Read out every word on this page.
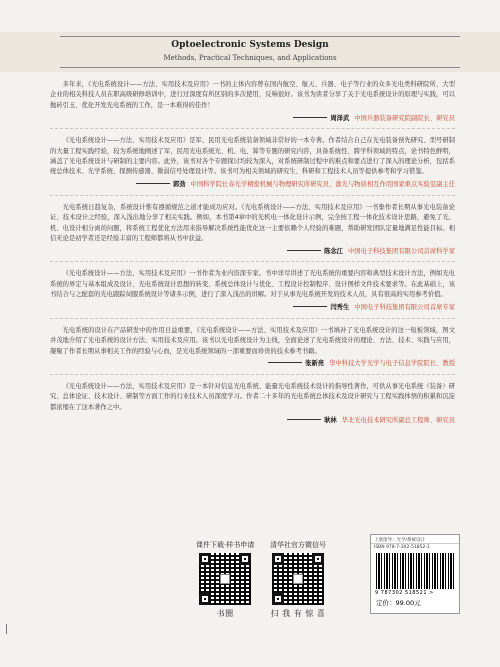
Optoelectronic Systems Design
Methods, Practical Techniques, and Applications

多年来，《光电系统设计——方法、实用技术及应用》一书的主体内容曾在国内航空、航天、兵器、电子等行业的众多光电类科研院所、大型企业的相关科技人员在职高级研修培训中，进行过深度有所区别的多次使用，反响很好。该书为读者分享了关于光电系统设计的原理与实践，可以抛砖引玉、优化开发光电系统的工作，是一本难得的佳作！

周泽武 中国兵器装备研究院副院长、研究员

《光电系统设计——方法、实用技术及应用》是军、民用光电系统装备领域非常好的一本专著。作者结合自己在光电装备预先研究、型号研制的大量工程实践经验，较为系统地阐述了军、民用光电系统光、机、电、算等专题的研究内容，具备系统性、跨学科领域的特点，论书特色鲜明，涵盖了光电系统设计与研制的主要内容。此外，该书对各个专题探讨均较为深入，对系统研制过程中的难点和要点进行了深入的理论分析，包括系统总体技术、光学系统、探测传感器、微弱信号处理设计等。该书可为相关领域的研究生、科研和工程技术人员等提供参考和学习借鉴。

郭劲 中国科学院长春光学精密机械与物理研究所研究员、激光与物质相互作用国家重点实验室副主任

光电系统日趋复杂，系统设计惟有遵循规范之道才能成功应对。《光电系统设计——方法、实用技术及应用》一书集作者长期从事光电装备论证、技术设计之经验，深入浅出地分享了相关实践。例如，本书第4章中的光机电一体化设计示例，完全按工程一体化技术设计思路，避免了光、机、电设计相分离的问题，将系统工程优化方法用来指导解决系统性能优化这一主要依赖个人经验的难题，帮助研发团队定量地满足性能目标。相信无论是初学者还是经验丰富的工程师都将从书中获益。

陈念江 中国电子科技集团有限公司首席科学家

《光电系统设计——方法、实用技术及应用》一书作者为业内资深专家。书中详尽讲述了光电系统的重要内容和典型技术设计方法，例如光电系统的界定与基本组成及设计、光电系统设计思想的转变、系统总体设计与优化、工程设计控制程序、设计图样文件技术要求等。在此基础上，该书结合与之配套的光电跟踪伺服系统设计等诸多示例，进行了深入浅出的讲解。对于从事光电系统开发的技术人员，具有很高的实用参考价值。

闫秀生 中国电子科技集团有限公司首席专家

光电系统的设计在产品研发中的作用日益重要，《光电系统设计——方法、实用技术及应用》一书填补了光电系统设计的这一短板领域，图文并茂地介绍了光电系统的设计方法、实用技术及应用。该书以光电系统设计为主线，全面论述了光电系统设计的理论、方法、技术、实践与应用，凝聚了作者长期从事相关工作的经验与心血，是光电系统领域的一部重要而珍贵的技术参考书籍。

张新亮 华中科技大学光学与电子信息学院院长、教授

《光电系统设计——方法、实用技术及应用》是一本针对信息光电系统、能量光电系统技术设计的指导性著作，可供从事光电系统（装备）研究、总体论证、技术设计、研制等方面工作的行业技术人员深度学习。作者二十多年的光电系统总体技术及设计研究与工程实践体悟的积累和沉淀都浓缩在了这本著作之中。

耿林 华北光电技术研究所副总工程师、研究员
课件下载·样书申请
书圈
清华社官方微信号
扫 我 有 惊 喜
上架指导：光学/系统设计
ISBN 978-7-302-51852-1
9 787302 518521 >
定价：99.00元
